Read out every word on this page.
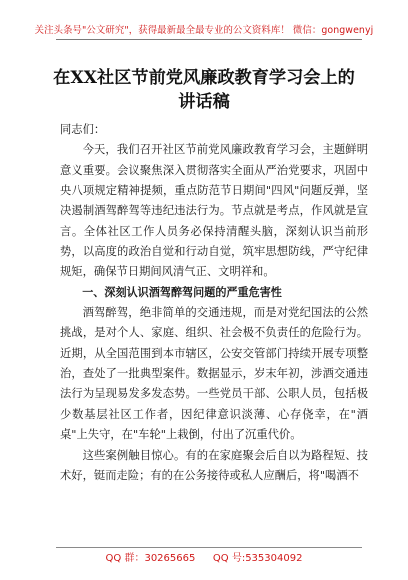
关注头条号"公文研究"，获得最新最全最专业的公文资料库！ 微信：gongwenyj
在XX社区节前党风廉政教育学习会上的
讲话稿

同志们：

今天，我们召开社区节前党风廉政教育学习会，主题鲜明意义重要。会议聚焦深入贯彻落实全面从严治党要求，巩固中央八项规定精神提频，重点防范节日期间"四风"问题反弹，坚决遏制酒驾醉驾等违纪违法行为。节点就是考点，作风就是宣言。全体社区工作人员务必保持清醒头脑，深刻认识当前形势，以高度的政治自觉和行动自觉，筑牢思想防线，严守纪律规矩，确保节日期间风清气正、文明祥和。

一、深刻认识酒驾醉驾问题的严重危害性

酒驾醉驾，绝非简单的交通违规，而是对党纪国法的公然挑战，是对个人、家庭、组织、社会极不负责任的危险行为。近期，从全国范围到本市辖区，公安交管部门持续开展专项整治，查处了一批典型案件。数据显示，岁末年初，涉酒交通违法行为呈现易发多发态势。一些党员干部、公职人员，包括极少数基层社区工作者，因纪律意识淡薄、心存侥幸，在"酒桌"上失守，在"车轮"上栽倒，付出了沉重代价。

这些案例触目惊心。有的在家庭聚会后自以为路程短、技术好，铤而走险；有的在公务接待或私人应酬后，将"喝酒不

QQ 群：30265665 QQ 号:535304092
